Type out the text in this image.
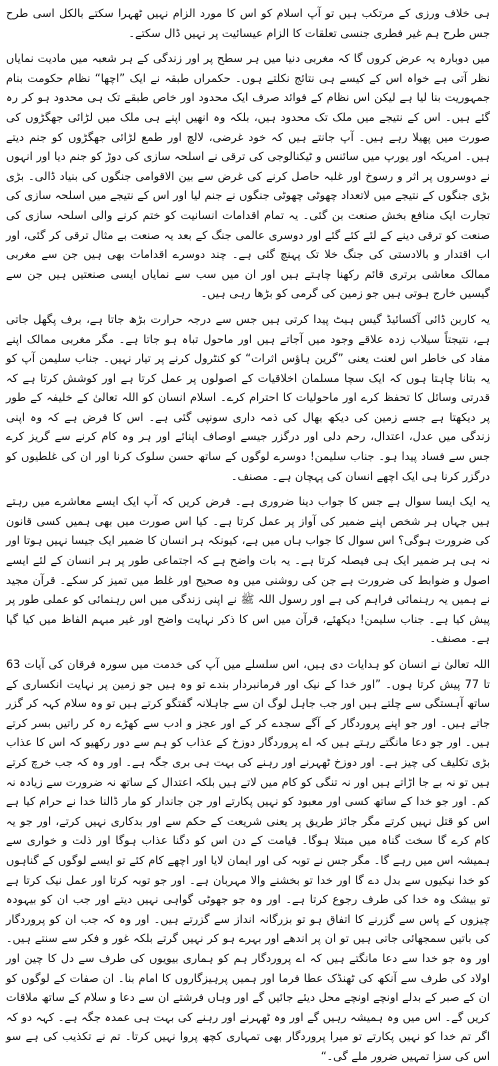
ہی خلاف ورزی کے مرتکب ہیں تو آپ اسلام کو اس کا مورد الزام نہیں ٹھہرا سکتے بالکل اسی طرح جس طرح ہم غیر فطری جنسی تعلقات کا الزام عیسائیت پر نہیں ڈال سکتے۔

میں دوبارہ یہ عرض کروں گا کہ مغربی دنیا میں ہر سطح پر اور زندگی کے ہر شعبہ میں مادیت نمایاں نظر آتی ہے خواہ اس کے کیسے ہی نتائج نکلتے ہوں۔ حکمراں طبقہ نے ایک ”اچھا“ نظام حکومت بنام جمہوریت بنا لیا ہے لیکن اس نظام کے فوائد صرف ایک محدود اور خاص طبقے تک ہی محدود ہو کر رہ گئے ہیں۔ اس کے نتیجے میں ملک تک محدود ہیں، بلکہ وہ انھیں اپنے ہی ملک میں لڑائی جھگڑوں کی صورت میں پھیلا رہے ہیں۔ آپ جانتے ہیں کہ خود غرضی، لالچ اور طمع لڑائی جھگڑوں کو جنم دیتے ہیں۔ امریکہ اور یورپ میں سائنس و ٹیکنالوجی کی ترقی نے اسلحہ سازی کی دوڑ کو جنم دیا اور انہوں نے دوسروں پر اثر و رسوخ اور غلبہ حاصل کرنے کی غرض سے بین الاقوامی جنگوں کی بنیاد ڈالی۔ بڑی بڑی جنگوں کے نتیجے میں لاتعداد چھوٹی چھوٹی جنگوں نے جنم لیا اور اس کے نتیجے میں اسلحہ سازی کی تجارت ایک منافع بخش صنعت بن گئی۔ یہ تمام اقدامات انسانیت کو ختم کرنے والی اسلحہ سازی کی صنعت کو ترقی دینے کے لئے کئے گئے اور دوسری عالمی جنگ کے بعد یہ صنعت بے مثال ترقی کر گئی، اور اب اقتدار و بالادستی کی جنگ خلا تک پہنچ گئی ہے۔ چند دوسرے اقدامات بھی ہیں جن سے مغربی ممالک معاشی برتری قائم رکھنا چاہتے ہیں اور ان میں سب سے نمایاں ایسی صنعتیں ہیں جن سے گیسیں خارج ہوتی ہیں جو زمین کی گرمی کو بڑھا رہی ہیں۔

یہ کاربن ڈائی آکسائیڈ گیس ہیٹ پیدا کرتی ہیں جس سے درجہ حرارت بڑھ جاتا ہے، برف پگھل جاتی ہے، نتیجتاً سیلاب زدہ علاقے وجود میں آجاتے ہیں اور ماحول تباہ ہو جاتا ہے۔ مگر مغربی ممالک اپنے مفاد کی خاطر اس لعنت یعنی ”گرین ہاؤس اثرات“ کو کنٹرول کرنے پر تیار نہیں۔ جناب سلیمن آپ کو یہ بتانا چاہتا ہوں کہ ایک سچا مسلمان اخلاقیات کے اصولوں پر عمل کرتا ہے اور کوشش کرتا ہے کہ قدرتی وسائل کا تحفظ کرے اور ماحولیات کا احترام کرے۔ اسلام انسان کو اللہ تعالیٰ کے خلیفہ کے طور پر دیکھتا ہے جسے زمین کی دیکھ بھال کی ذمہ داری سونپی گئی ہے۔ اس کا فرض ہے کہ وہ اپنی زندگی میں عدل، اعتدال، رحم دلی اور درگزر جیسے اوصاف اپنائے اور ہر وہ کام کرنے سے گریز کرے جس سے فساد پیدا ہو۔ جناب سلیمن! دوسرے لوگوں کے ساتھ حسن سلوک کرنا اور ان کی غلطیوں کو درگزر کرنا ہی ایک اچھے انسان کی پہچان ہے۔ مصنف۔

یہ ایک ایسا سوال ہے جس کا جواب دینا ضروری ہے۔ فرض کریں کہ آپ ایک ایسے معاشرے میں رہتے ہیں جہاں ہر شخص اپنے ضمیر کی آواز پر عمل کرتا ہے۔ کیا اس صورت میں بھی ہمیں کسی قانون کی ضرورت ہوگی؟ اس سوال کا جواب ہاں میں ہے، کیونکہ ہر انسان کا ضمیر ایک جیسا نہیں ہوتا اور نہ ہی ہر ضمیر ایک ہی فیصلہ کرتا ہے۔ یہ بات واضح ہے کہ اجتماعی طور پر ہر انسان کے لئے ایسے اصول و ضوابط کی ضرورت ہے جن کی روشنی میں وہ صحیح اور غلط میں تمیز کر سکے۔ قرآن مجید نے ہمیں یہ رہنمائی فراہم کی ہے اور رسول اللہ ﷺ نے اپنی زندگی میں اس رہنمائی کو عملی طور پر پیش کیا ہے۔ جناب سلیمن! دیکھئے، قرآن میں اس کا ذکر نہایت واضح اور غیر مبہم الفاظ میں کیا گیا ہے۔ مصنف۔

اللہ تعالیٰ نے انسان کو ہدایات دی ہیں، اس سلسلے میں آپ کی خدمت میں سورہ فرقان کی آیات 63 تا 77 پیش کرتا ہوں۔ ”اور خدا کے نیک اور فرمانبردار بندے تو وہ ہیں جو زمین پر نہایت انکساری کے ساتھ آہستگی سے چلتے ہیں اور جب جاہل لوگ ان سے جاہلانہ گفتگو کرتے ہیں تو وہ سلام کہہ کر گزر جاتے ہیں۔ اور جو اپنے پروردگار کے آگے سجدے کر کے اور عجز و ادب سے کھڑے رہ کر راتیں بسر کرتے ہیں۔ اور جو دعا مانگتے رہتے ہیں کہ اے پروردگار دوزخ کے عذاب کو ہم سے دور رکھیو کہ اس کا عذاب بڑی تکلیف کی چیز ہے۔ اور دوزخ ٹھہرنے اور رہنے کی بہت ہی بری جگہ ہے۔ اور وہ کہ جب خرچ کرتے ہیں تو نہ بے جا اڑاتے ہیں اور نہ تنگی کو کام میں لاتے ہیں بلکہ اعتدال کے ساتھ نہ ضرورت سے زیادہ نہ کم۔ اور جو خدا کے ساتھ کسی اور معبود کو نہیں پکارتے اور جن جاندار کو مار ڈالنا خدا نے حرام کیا ہے اس کو قتل نہیں کرتے مگر جائز طریق پر یعنی شریعت کے حکم سے اور بدکاری نہیں کرتے، اور جو یہ کام کرے گا سخت گناہ میں مبتلا ہوگا۔ قیامت کے دن اس کو دگنا عذاب ہوگا اور ذلت و خواری سے ہمیشہ اس میں رہے گا۔ مگر جس نے توبہ کی اور ایمان لایا اور اچھے کام کئے تو ایسے لوگوں کے گناہوں کو خدا نیکیوں سے بدل دے گا اور خدا تو بخشنے والا مہربان ہے۔ اور جو توبہ کرتا اور عمل نیک کرتا ہے تو بیشک وہ خدا کی طرف رجوع کرتا ہے۔ اور وہ جو جھوٹی گواہی نہیں دیتے اور جب ان کو بیہودہ چیزوں کے پاس سے گزرنے کا اتفاق ہو تو بزرگانہ انداز سے گزرتے ہیں۔ اور وہ کہ جب ان کو پروردگار کی باتیں سمجھائی جاتی ہیں تو ان پر اندھے اور بہرے ہو کر نہیں گرتے بلکہ غور و فکر سے سنتے ہیں۔ اور وہ جو خدا سے دعا مانگتے ہیں کہ اے پروردگار ہم کو ہماری بیویوں کی طرف سے دل کا چین اور اولاد کی طرف سے آنکھ کی ٹھنڈک عطا فرما اور ہمیں پرہیزگاروں کا امام بنا۔ ان صفات کے لوگوں کو ان کے صبر کے بدلے اونچے اونچے محل دیئے جائیں گے اور وہاں فرشتے ان سے دعا و سلام کے ساتھ ملاقات کریں گے۔ اس میں وہ ہمیشہ رہیں گے اور وہ ٹھہرنے اور رہنے کی بہت ہی عمدہ جگہ ہے۔ کہہ دو کہ اگر تم خدا کو نہیں پکارتے تو میرا پروردگار بھی تمہاری کچھ پروا نہیں کرتا۔ تم نے تکذیب کی ہے سو اس کی سزا تمہیں ضرور ملے گی۔“
